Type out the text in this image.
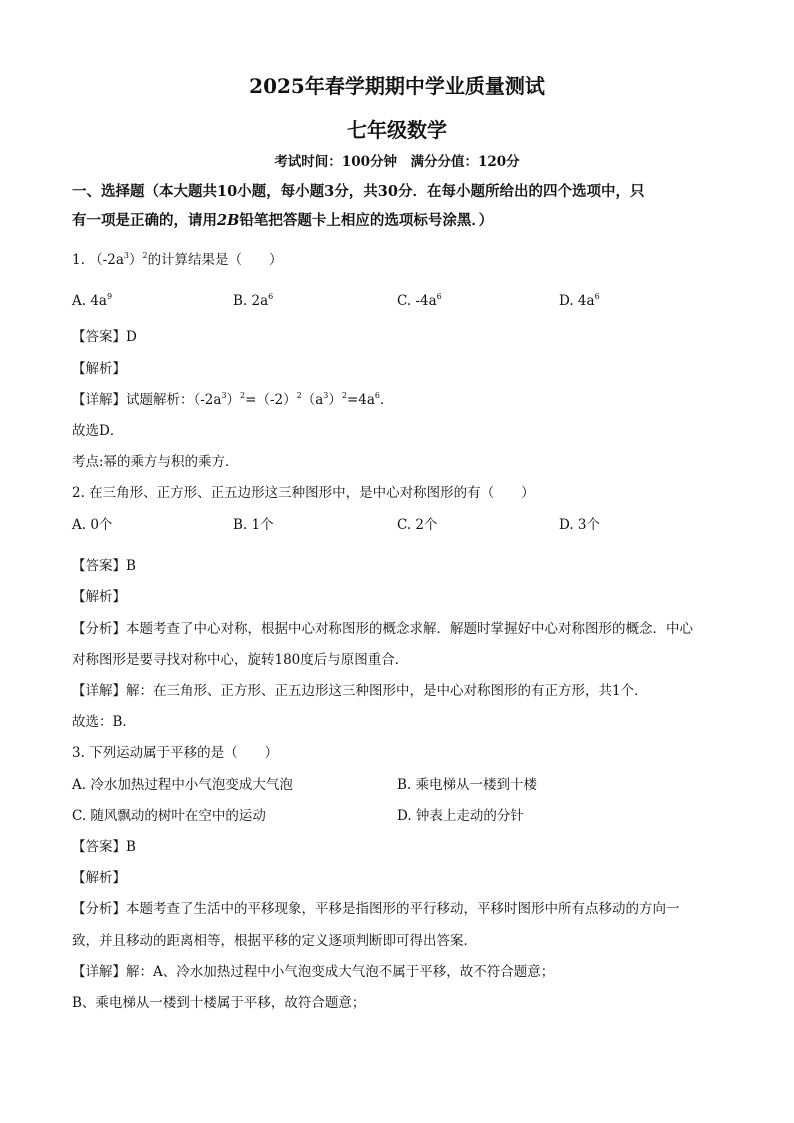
2025年春学期期中学业质量测试
七年级数学
考试时间：100分钟　满分分值：120分
一、选择题（本大题共10小题，每小题3分，共30分．在每小题所给出的四个选项中，只
有一项是正确的，请用2B铅笔把答题卡上相应的选项标号涂黑．）
1. $(-2a^3)^2$的计算结果是（　　）
A. $4a^9$	B. $2a^6$	C. $-4a^6$	D. $4a^6$
【答案】D
【解析】
【详解】试题解析：$(-2a^3)^2=(-2)^2(a^3)^2=4a^6$．
故选D．
考点:幂的乘方与积的乘方．
2. 在三角形、正方形、正五边形这三种图形中，是中心对称图形的有（　　）
A. 0个	B. 1个	C. 2个	D. 3个
【答案】B
【解析】
【分析】本题考查了中心对称，根据中心对称图形的概念求解．解题时掌握好中心对称图形的概念．中心
对称图形是要寻找对称中心，旋转180度后与原图重合．
【详解】解：在三角形、正方形、正五边形这三种图形中，是中心对称图形的有正方形，共1个．
故选：B．
3. 下列运动属于平移的是（　　）
A. 冷水加热过程中小气泡变成大气泡	B. 乘电梯从一楼到十楼
C. 随风飘动的树叶在空中的运动	D. 钟表上走动的分针
【答案】B
【解析】
【分析】本题考查了生活中的平移现象，平移是指图形的平行移动，平移时图形中所有点移动的方向一
致，并且移动的距离相等，根据平移的定义逐项判断即可得出答案．
【详解】解：A、冷水加热过程中小气泡变成大气泡不属于平移，故不符合题意；
B、乘电梯从一楼到十楼属于平移，故符合题意；
